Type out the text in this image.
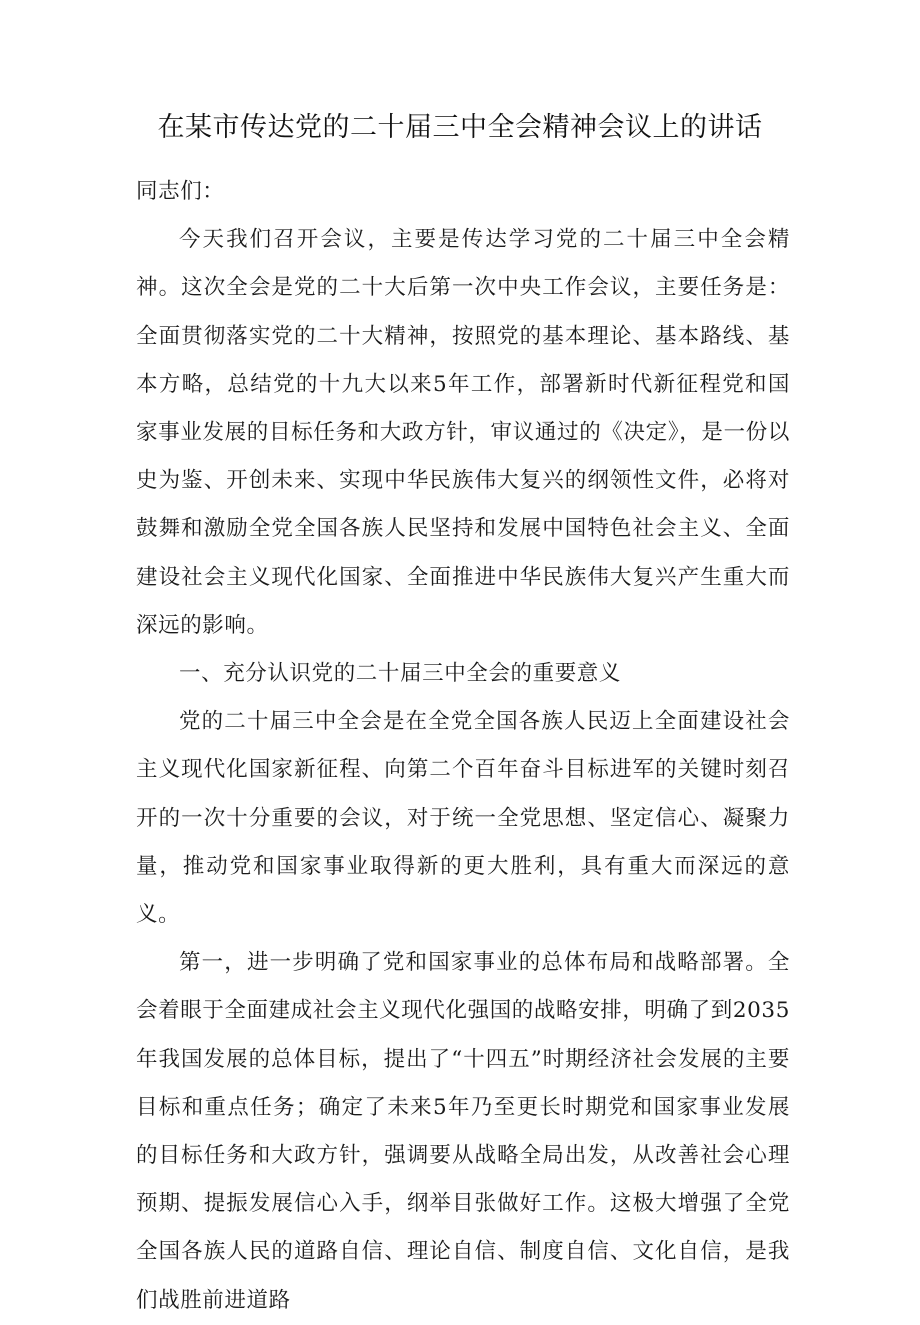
在某市传达党的二十届三中全会精神会议上的讲话

同志们：

今天我们召开会议，主要是传达学习党的二十届三中全会精神。这次全会是党的二十大后第一次中央工作会议，主要任务是：全面贯彻落实党的二十大精神，按照党的基本理论、基本路线、基本方略，总结党的十九大以来5年工作，部署新时代新征程党和国家事业发展的目标任务和大政方针，审议通过的《决定》，是一份以史为鉴、开创未来、实现中华民族伟大复兴的纲领性文件，必将对鼓舞和激励全党全国各族人民坚持和发展中国特色社会主义、全面建设社会主义现代化国家、全面推进中华民族伟大复兴产生重大而深远的影响。

一、充分认识党的二十届三中全会的重要意义

党的二十届三中全会是在全党全国各族人民迈上全面建设社会主义现代化国家新征程、向第二个百年奋斗目标进军的关键时刻召开的一次十分重要的会议，对于统一全党思想、坚定信心、凝聚力量，推动党和国家事业取得新的更大胜利，具有重大而深远的意义。

第一，进一步明确了党和国家事业的总体布局和战略部署。全会着眼于全面建成社会主义现代化强国的战略安排，明确了到2035年我国发展的总体目标，提出了“十四五”时期经济社会发展的主要目标和重点任务；确定了未来5年乃至更长时期党和国家事业发展的目标任务和大政方针，强调要从战略全局出发，从改善社会心理预期、提振发展信心入手，纲举目张做好工作。这极大增强了全党全国各族人民的道路自信、理论自信、制度自信、文化自信，是我们战胜前进道路
